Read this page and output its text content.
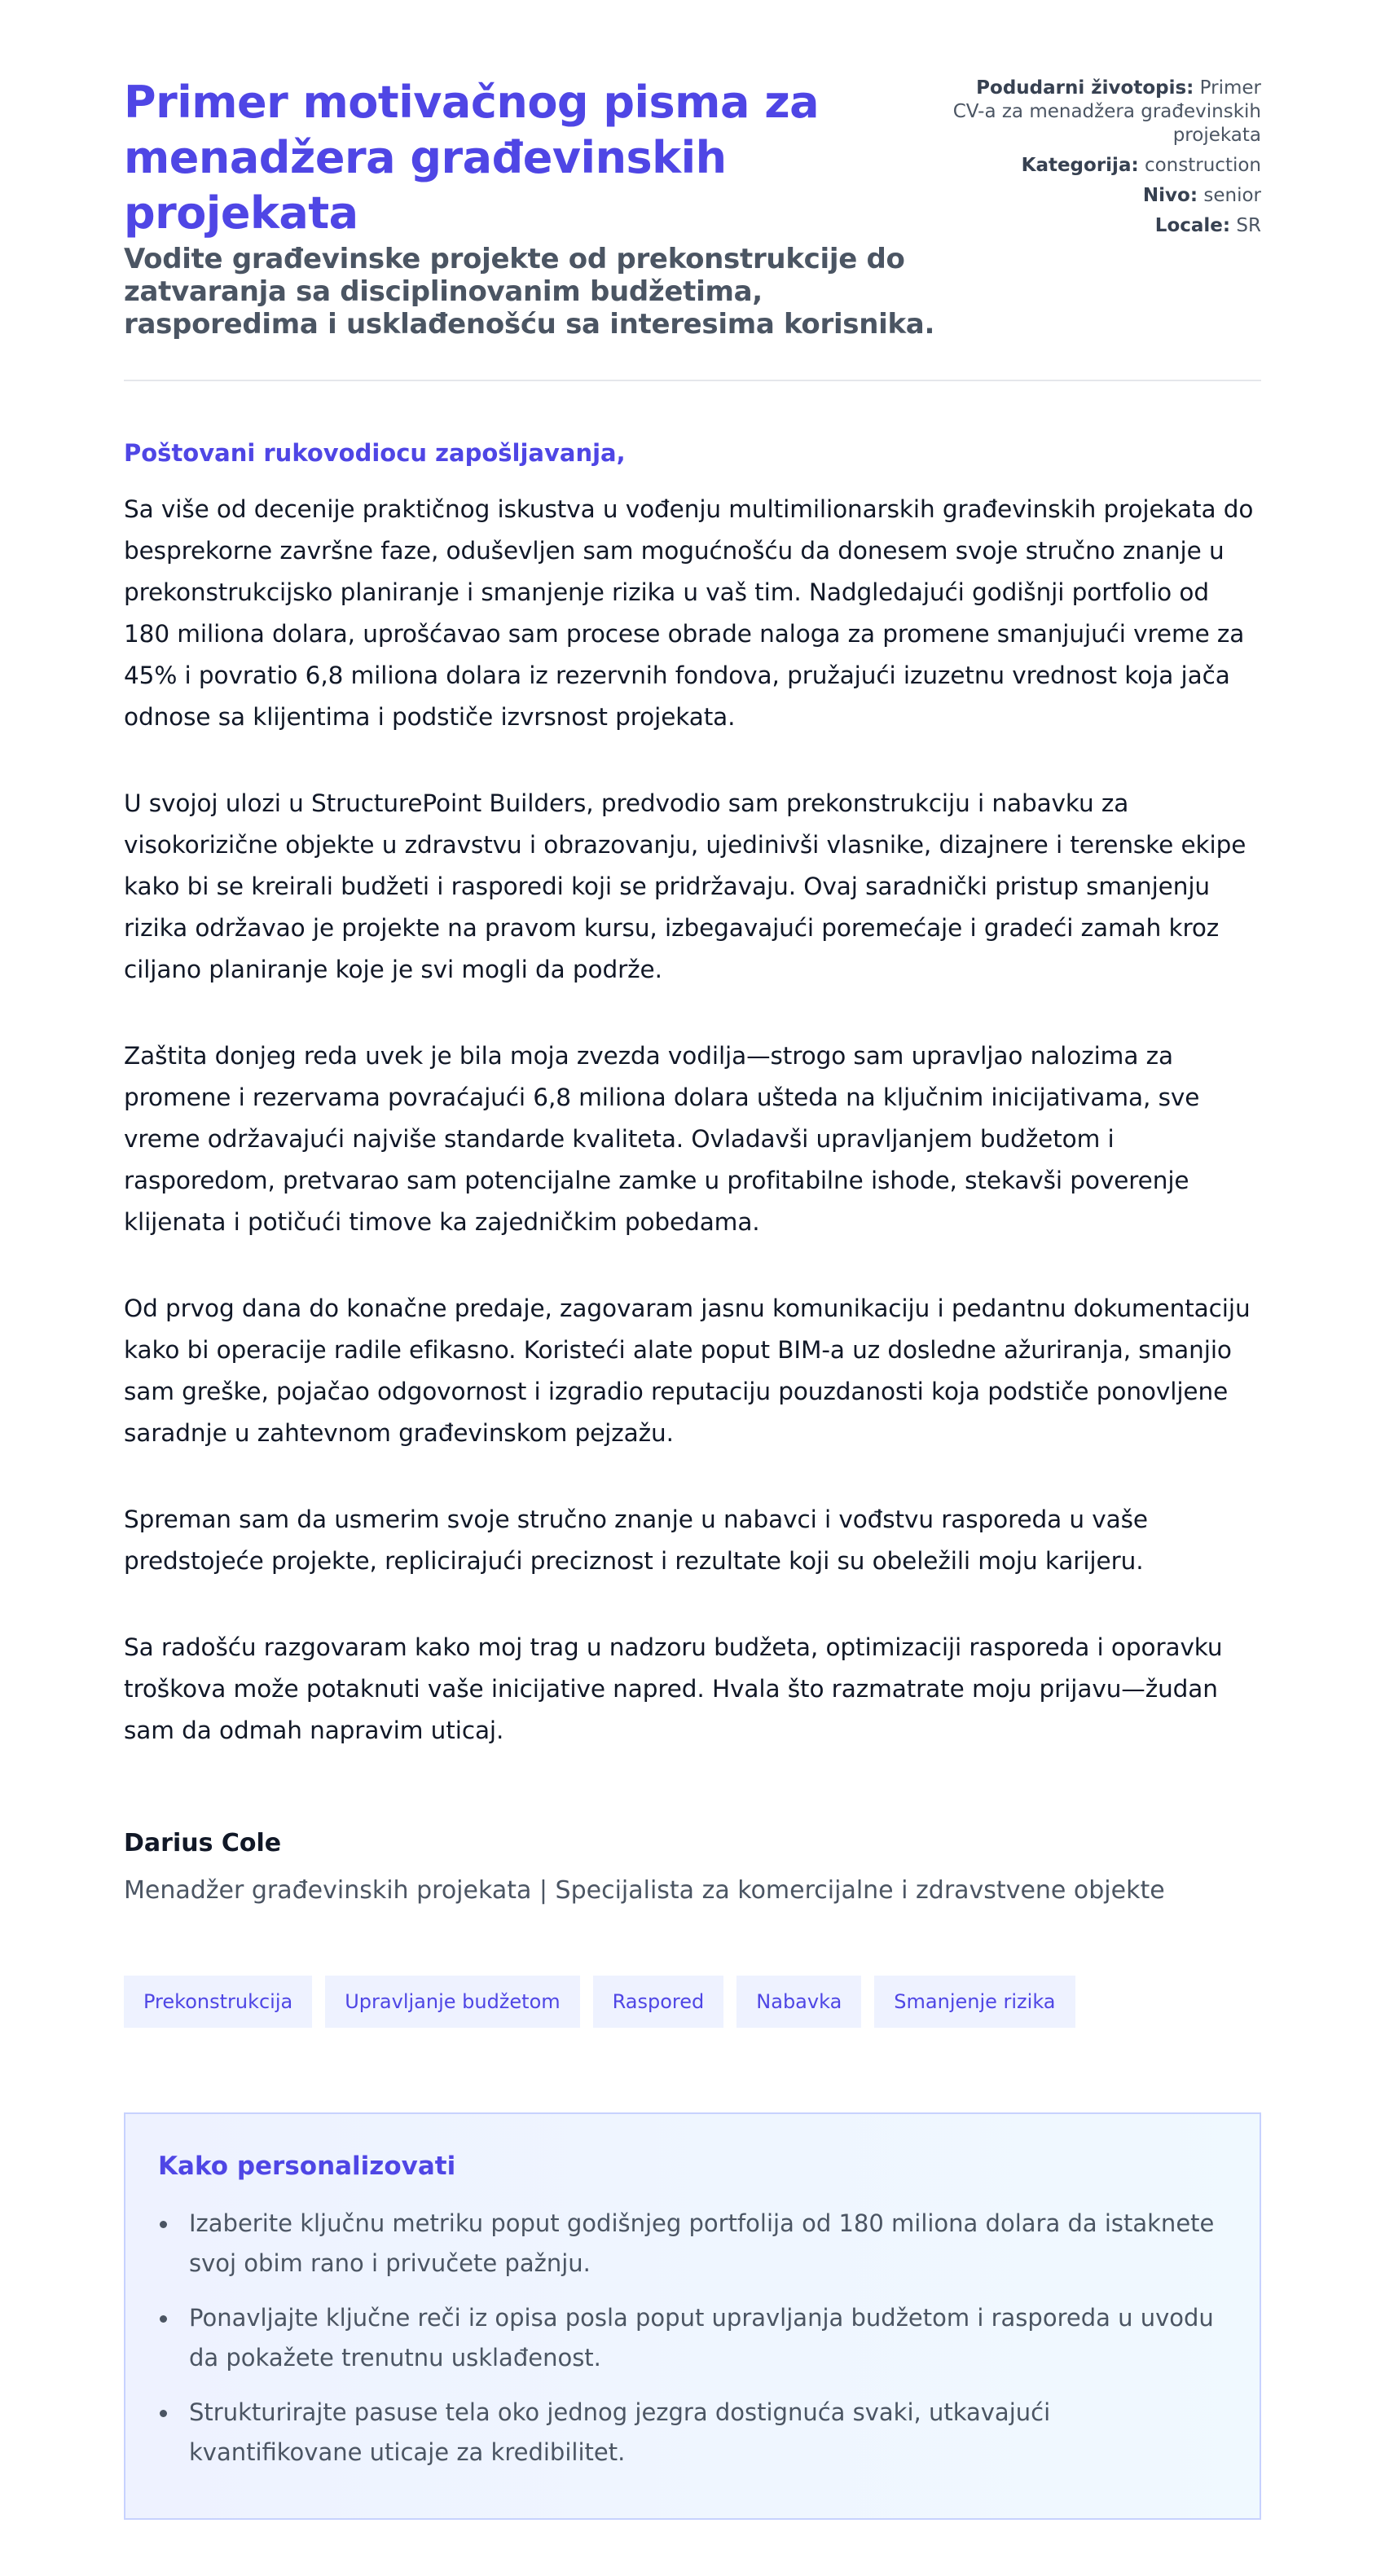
Primer motivačnog pisma za menadžera građevinskih projekata
Vodite građevinske projekte od prekonstrukcije do zatvaranja sa disciplinovanim budžetima, rasporedima i usklađenošću sa interesima korisnika.
Podudarni životopis: Primer CV-a za menadžera građevinskih projekata
Kategorija: construction
Nivo: senior
Locale: SR
Poštovani rukovodiocu zapošljavanja,

Sa više od decenije praktičnog iskustva u vođenju multimilionarskih građevinskih projekata do besprekorne završne faze, oduševljen sam mogućnošću da donesem svoje stručno znanje u prekonstrukcijsko planiranje i smanjenje rizika u vaš tim. Nadgledajući godišnji portfolio od 180 miliona dolara, uprošćavao sam procese obrade naloga za promene smanjujući vreme za 45% i povratio 6,8 miliona dolara iz rezervnih fondova, pružajući izuzetnu vrednost koja jača odnose sa klijentima i podstiče izvrsnost projekata.

U svojoj ulozi u StructurePoint Builders, predvodio sam prekonstrukciju i nabavku za visokorizične objekte u zdravstvu i obrazovanju, ujedinivši vlasnike, dizajnere i terenske ekipe kako bi se kreirali budžeti i rasporedi koji se pridržavaju. Ovaj saradnički pristup smanjenju rizika održavao je projekte na pravom kursu, izbegavajući poremećaje i gradeći zamah kroz ciljano planiranje koje je svi mogli da podrže.

Zaštita donjeg reda uvek je bila moja zvezda vodilja—strogo sam upravljao nalozima za promene i rezervama povraćajući 6,8 miliona dolara ušteda na ključnim inicijativama, sve vreme održavajući najviše standarde kvaliteta. Ovladavši upravljanjem budžetom i rasporedom, pretvarao sam potencijalne zamke u profitabilne ishode, stekavši poverenje klijenata i potičući timove ka zajedničkim pobedama.

Od prvog dana do konačne predaje, zagovaram jasnu komunikaciju i pedantnu dokumentaciju kako bi operacije radile efikasno. Koristeći alate poput BIM-a uz dosledne ažuriranja, smanjio sam greške, pojačao odgovornost i izgradio reputaciju pouzdanosti koja podstiče ponovljene saradnje u zahtevnom građevinskom pejzažu.

Spreman sam da usmerim svoje stručno znanje u nabavci i vođstvu rasporeda u vaše predstojeće projekte, replicirajući preciznost i rezultate koji su obeležili moju karijeru.

Sa radošću razgovaram kako moj trag u nadzoru budžeta, optimizaciji rasporeda i oporavku troškova može potaknuti vaše inicijative napred. Hvala što razmatrate moju prijavu—žudan sam da odmah napravim uticaj.

Darius Cole
Menadžer građevinskih projekata | Specijalista za komercijalne i zdravstvene objekte
Prekonstrukcija	Upravljanje budžetom	Raspored	Nabavka	Smanjenje rizika
Kako personalizovati
Izaberite ključnu metriku poput godišnjeg portfolija od 180 miliona dolara da istaknete svoj obim rano i privučete pažnju.
Ponavljajte ključne reči iz opisa posla poput upravljanja budžetom i rasporeda u uvodu da pokažete trenutnu usklađenost.
Strukturirajte pasuse tela oko jednog jezgra dostignuća svaki, utkavajući kvantifikovane uticaje za kredibilitet.
